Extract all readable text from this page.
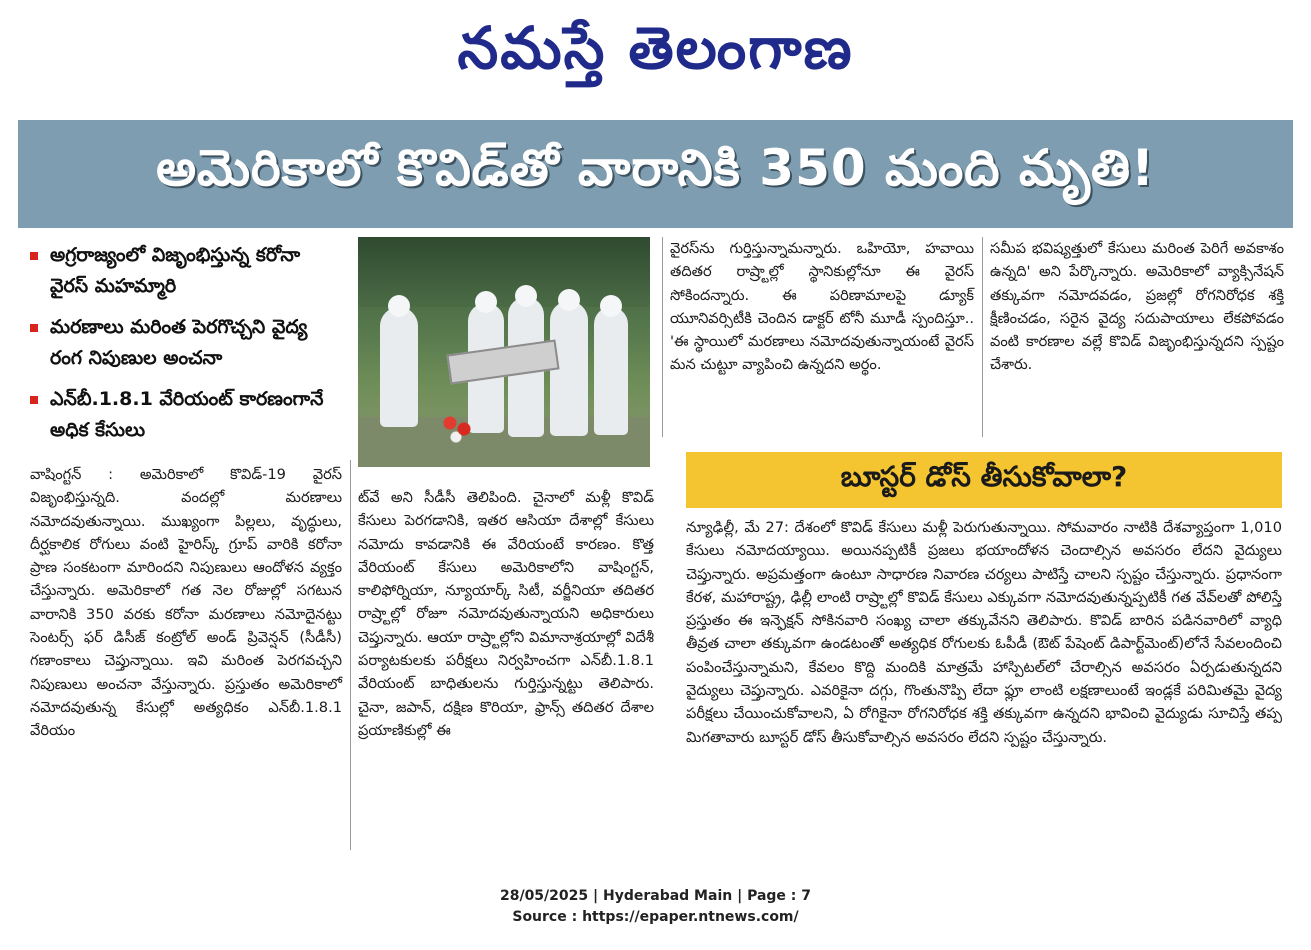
నమస్తే తెలంగాణ
అమెరికాలో కొవిడ్‌తో వారానికి 350 మంది మృతి!
అగ్రరాజ్యంలో విజృంభిస్తున్న కరోనా వైరస్ మహమ్మారి
మరణాలు మరింత పెరగొచ్చని వైద్య రంగ నిపుణుల అంచనా
ఎన్‌బీ.1.8.1 వేరియంట్ కారణంగానే అధిక కేసులు
వాషింగ్టన్ : అమెరికాలో కొవిడ్-19 వైరస్ విజృంభిస్తున్నది. వందల్లో మరణాలు నమోదవుతున్నాయి. ముఖ్యంగా పిల్లలు, వృద్ధులు, దీర్ఘకాలిక రోగులు వంటి హైరిస్క్ గ్రూప్ వారికి కరోనా ప్రాణ సంకటంగా మారిందని నిపుణులు ఆందోళన వ్యక్తం చేస్తున్నారు. అమెరికాలో గత నెల రోజుల్లో సగటున వారానికి 350 వరకు కరోనా మరణాలు నమోదైనట్టు సెంటర్స్ ఫర్ డిసీజ్ కంట్రోల్ అండ్ ప్రివెన్షన్ (సీడీసీ) గణాంకాలు చెప్తున్నాయి. ఇవి మరింత పెరగవచ్చని నిపుణులు అంచనా వేస్తున్నారు. ప్రస్తుతం అమెరికాలో నమోదవుతున్న కేసుల్లో అత్యధికం ఎన్‌బీ.1.8.1 వేరియం
ట్‌వే అని సీడీసీ తెలిపింది. చైనాలో మళ్లీ కొవిడ్ కేసులు పెరగడానికి, ఇతర ఆసియా దేశాల్లో కేసులు నమోదు కావడానికి ఈ వేరియంటే కారణం. కొత్త వేరియంట్ కేసులు అమెరికాలోని వాషింగ్టన్, కాలిఫోర్నియా, న్యూయార్క్ సిటీ, వర్జీనియా తదితర రాష్ర్టాల్లో రోజూ నమోదవుతున్నాయని అధికారులు చెప్తున్నారు. ఆయా రాష్ర్టాల్లోని విమానాశ్రయాల్లో విదేశీ పర్యాటకులకు పరీక్షలు నిర్వహించగా ఎన్‌బీ.1.8.1 వేరియంట్ బాధితులను గుర్తిస్తున్నట్టు తెలిపారు. చైనా, జపాన్, దక్షిణ కొరియా, ఫ్రాన్స్ తదితర దేశాల ప్రయాణికుల్లో ఈ
వైరస్‌ను గుర్తిస్తున్నామన్నారు. ఒహియో, హవాయి తదితర రాష్ర్టాల్లో స్థానికుల్లోనూ ఈ వైరస్ సోకిందన్నారు. ఈ పరిణామాలపై డ్యూక్ యూనివర్సిటీకి చెందిన డాక్టర్ టోనీ మూడీ స్పందిస్తూ.. 'ఈ స్థాయిలో మరణాలు నమోదవుతున్నాయంటే వైరస్ మన చుట్టూ వ్యాపించి ఉన్నదని అర్థం.
సమీప భవిష్యత్తులో కేసులు మరింత పెరిగే అవకాశం ఉన్నది' అని పేర్కొన్నారు. అమెరికాలో వ్యాక్సినేషన్ తక్కువగా నమోదవడం, ప్రజల్లో రోగనిరోధక శక్తి క్షీణించడం, సరైన వైద్య సదుపాయాలు లేకపోవడం వంటి కారణాల వల్లే కొవిడ్ విజృంభిస్తున్నదని స్పష్టం చేశారు.
బూస్టర్ డోస్ తీసుకోవాలా?
న్యూఢిల్లీ, మే 27: దేశంలో కొవిడ్ కేసులు మళ్లీ పెరుగుతున్నాయి. సోమవారం నాటికి దేశవ్యాప్తంగా 1,010 కేసులు నమోదయ్యాయి. అయినప్పటికీ ప్రజలు భయాందోళన చెందాల్సిన అవసరం లేదని వైద్యులు చెప్తున్నారు. అప్రమత్తంగా ఉంటూ సాధారణ నివారణ చర్యలు పాటిస్తే చాలని స్పష్టం చేస్తున్నారు. ప్రధానంగా కేరళ, మహారాష్ట్ర, ఢిల్లీ లాంటి రాష్ర్టాల్లో కొవిడ్ కేసులు ఎక్కువగా నమోదవుతున్నప్పటికీ గత వేవ్‌లతో పోలిస్తే ప్రస్తుతం ఈ ఇన్ఫెక్షన్ సోకినవారి సంఖ్య చాలా తక్కువేనని తెలిపారు. కొవిడ్ బారిన పడినవారిలో వ్యాధి తీవ్రత చాలా తక్కువగా ఉండటంతో అత్యధిక రోగులకు ఓపీడీ (ఔట్ పేషెంట్ డిపార్ట్‌మెంట్)లోనే సేవలందించి పంపించేస్తున్నామని, కేవలం కొద్ది మందికి మాత్రమే హాస్పిటల్‌లో చేరాల్సిన అవసరం ఏర్పడుతున్నదని వైద్యులు చెప్తున్నారు. ఎవరికైనా దగ్గు, గొంతునొప్పి లేదా ఫ్లూ లాంటి లక్షణాలుంటే ఇండ్లకే పరిమితమై వైద్య పరీక్షలు చేయించుకోవాలని, ఏ రోగికైనా రోగనిరోధక శక్తి తక్కువగా ఉన్నదని భావించి వైద్యుడు సూచిస్తే తప్ప మిగతావారు బూస్టర్ డోస్ తీసుకోవాల్సిన అవసరం లేదని స్పష్టం చేస్తున్నారు.
28/05/2025 | Hyderabad Main | Page : 7
Source : https://epaper.ntnews.com/
